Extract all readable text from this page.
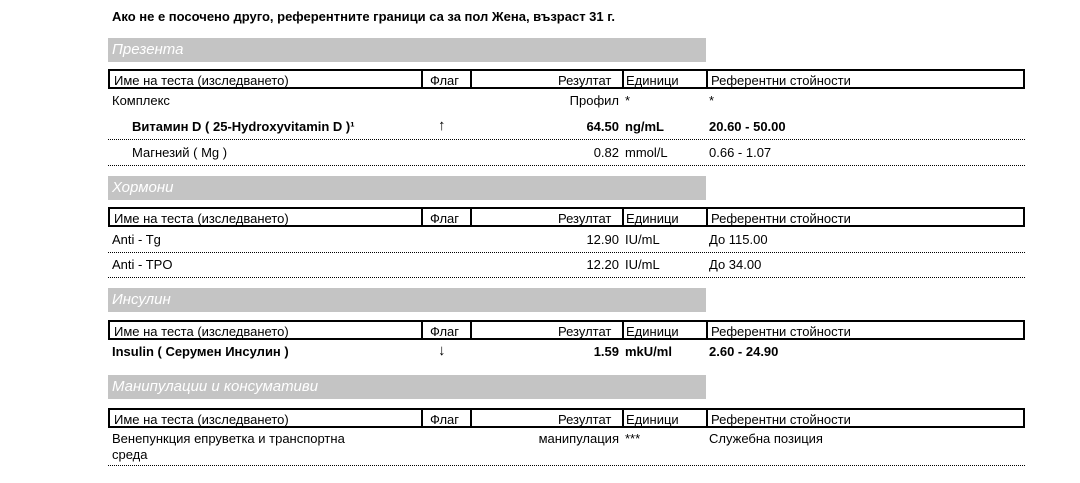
Ако не е посочено друго, референтните граници са за пол Жена, възраст 31 г.
Презента
Име на теста (изследването)	Флаг	Резултат Единици Референтни стойности
Комплекс	Профил *	*
Витамин D ( 25-Hydroxyvitamin D )¹	↑	64.50 ng/mL	20.60 - 50.00
Магнезий ( Mg )	0.82 mmol/L	0.66 - 1.07
Хормони
Име на теста (изследването)	Флаг	Резултат Единици Референтни стойности
Anti - Tg	12.90 IU/mL	До 115.00
Anti - TPO	12.20 IU/mL	До 34.00
Инсулин
Име на теста (изследването)	Флаг	Резултат Единици Референтни стойности
Insulin ( Серумен Инсулин )	↓	1.59 mkU/ml	2.60 - 24.90
Манипулации и консумативи
Име на теста (изследването)	Флаг	Резултат Единици Референтни стойности
Венепункция епруветка и транспортна
среда
манипулация ***	Служебна позиция
